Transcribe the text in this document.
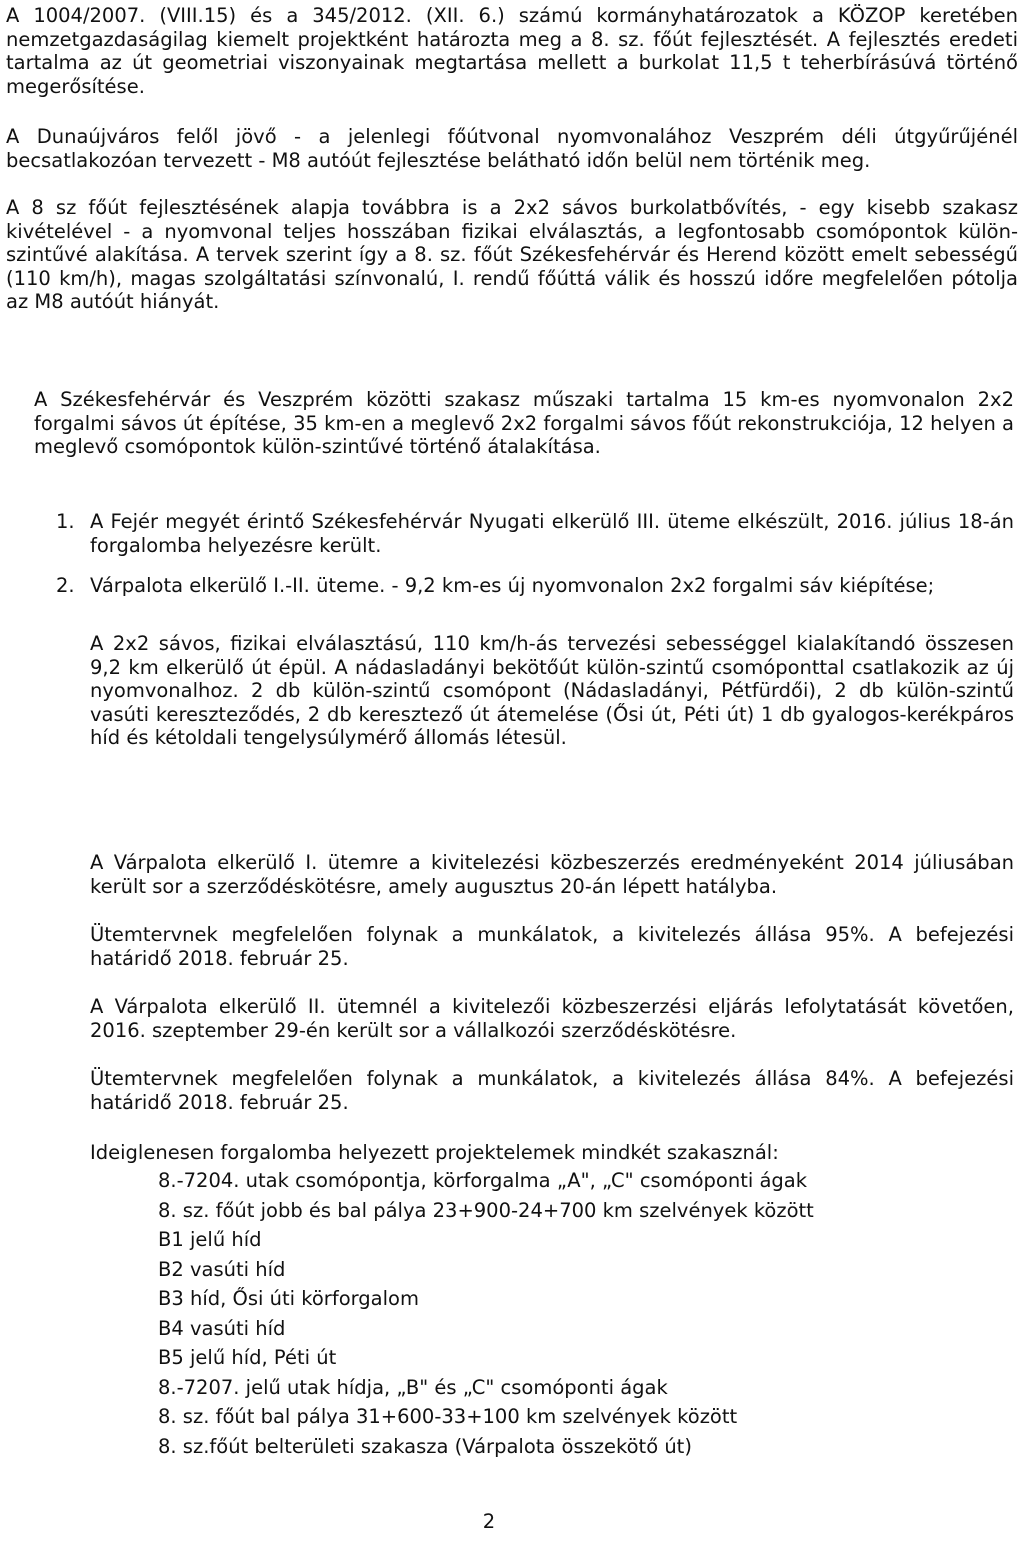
A 1004/2007. (VIII.15) és a 345/2012. (XII. 6.) számú kormányhatározatok a KÖZOP keretében nemzetgazdaságilag kiemelt projektként határozta meg a 8. sz. főút fejlesztését. A fejlesztés eredeti tartalma az út geometriai viszonyainak megtartása mellett a burkolat 11,5 t teherbírásúvá történő megerősítése.

A Dunaújváros felől jövő - a jelenlegi főútvonal nyomvonalához Veszprém déli útgyűrűjénél becsatlakozóan tervezett - M8 autóút fejlesztése belátható időn belül nem történik meg.

A 8 sz főút fejlesztésének alapja továbbra is a 2x2 sávos burkolatbővítés, - egy kisebb szakasz kivételével - a nyomvonal teljes hosszában fizikai elválasztás, a legfontosabb csomópontok külön-szintűvé alakítása. A tervek szerint így a 8. sz. főút Székesfehérvár és Herend között emelt sebességű (110 km/h), magas szolgáltatási színvonalú, I. rendű főúttá válik és hosszú időre megfelelően pótolja az M8 autóút hiányát.

A Székesfehérvár és Veszprém közötti szakasz műszaki tartalma 15 km-es nyomvonalon 2x2 forgalmi sávos út építése, 35 km-en a meglevő 2x2 forgalmi sávos főút rekonstrukciója, 12 helyen a meglevő csomópontok külön-szintűvé történő átalakítása.

1. A Fejér megyét érintő Székesfehérvár Nyugati elkerülő III. üteme elkészült, 2016. július 18-án forgalomba helyezésre került.
2. Várpalota elkerülő I.-II. üteme. - 9,2 km-es új nyomvonalon 2x2 forgalmi sáv kiépítése;

A 2x2 sávos, fizikai elválasztású, 110 km/h-ás tervezési sebességgel kialakítandó összesen 9,2 km elkerülő út épül. A nádasladányi bekötőút külön-szintű csomóponttal csatlakozik az új nyomvonalhoz. 2 db külön-szintű csomópont (Nádasladányi, Pétfürdői), 2 db külön-szintű vasúti kereszteződés, 2 db keresztező út átemelése (Ősi út, Péti út) 1 db gyalogos-kerékpáros híd és kétoldali tengelysúlymérő állomás létesül.

A Várpalota elkerülő I. ütemre a kivitelezési közbeszerzés eredményeként 2014 júliusában került sor a szerződéskötésre, amely augusztus 20-án lépett hatályba.

Ütemtervnek megfelelően folynak a munkálatok, a kivitelezés állása 95%. A befejezési határidő 2018. február 25.

A Várpalota elkerülő II. ütemnél a kivitelezői közbeszerzési eljárás lefolytatását követően, 2016. szeptember 29-én került sor a vállalkozói szerződéskötésre.

Ütemtervnek megfelelően folynak a munkálatok, a kivitelezés állása 84%. A befejezési határidő 2018. február 25.

Ideiglenesen forgalomba helyezett projektelemek mindkét szakasznál:

8.-7204. utak csomópontja, körforgalma „A", „C" csomóponti ágak
8. sz. főút jobb és bal pálya 23+900-24+700 km szelvények között
B1 jelű híd
B2 vasúti híd
B3 híd, Ősi úti körforgalom
B4 vasúti híd
B5 jelű híd, Péti út
8.-7207. jelű utak hídja, „B" és „C" csomóponti ágak
8. sz. főút bal pálya 31+600-33+100 km szelvények között
8. sz.főút belterületi szakasza (Várpalota összekötő út)
2
